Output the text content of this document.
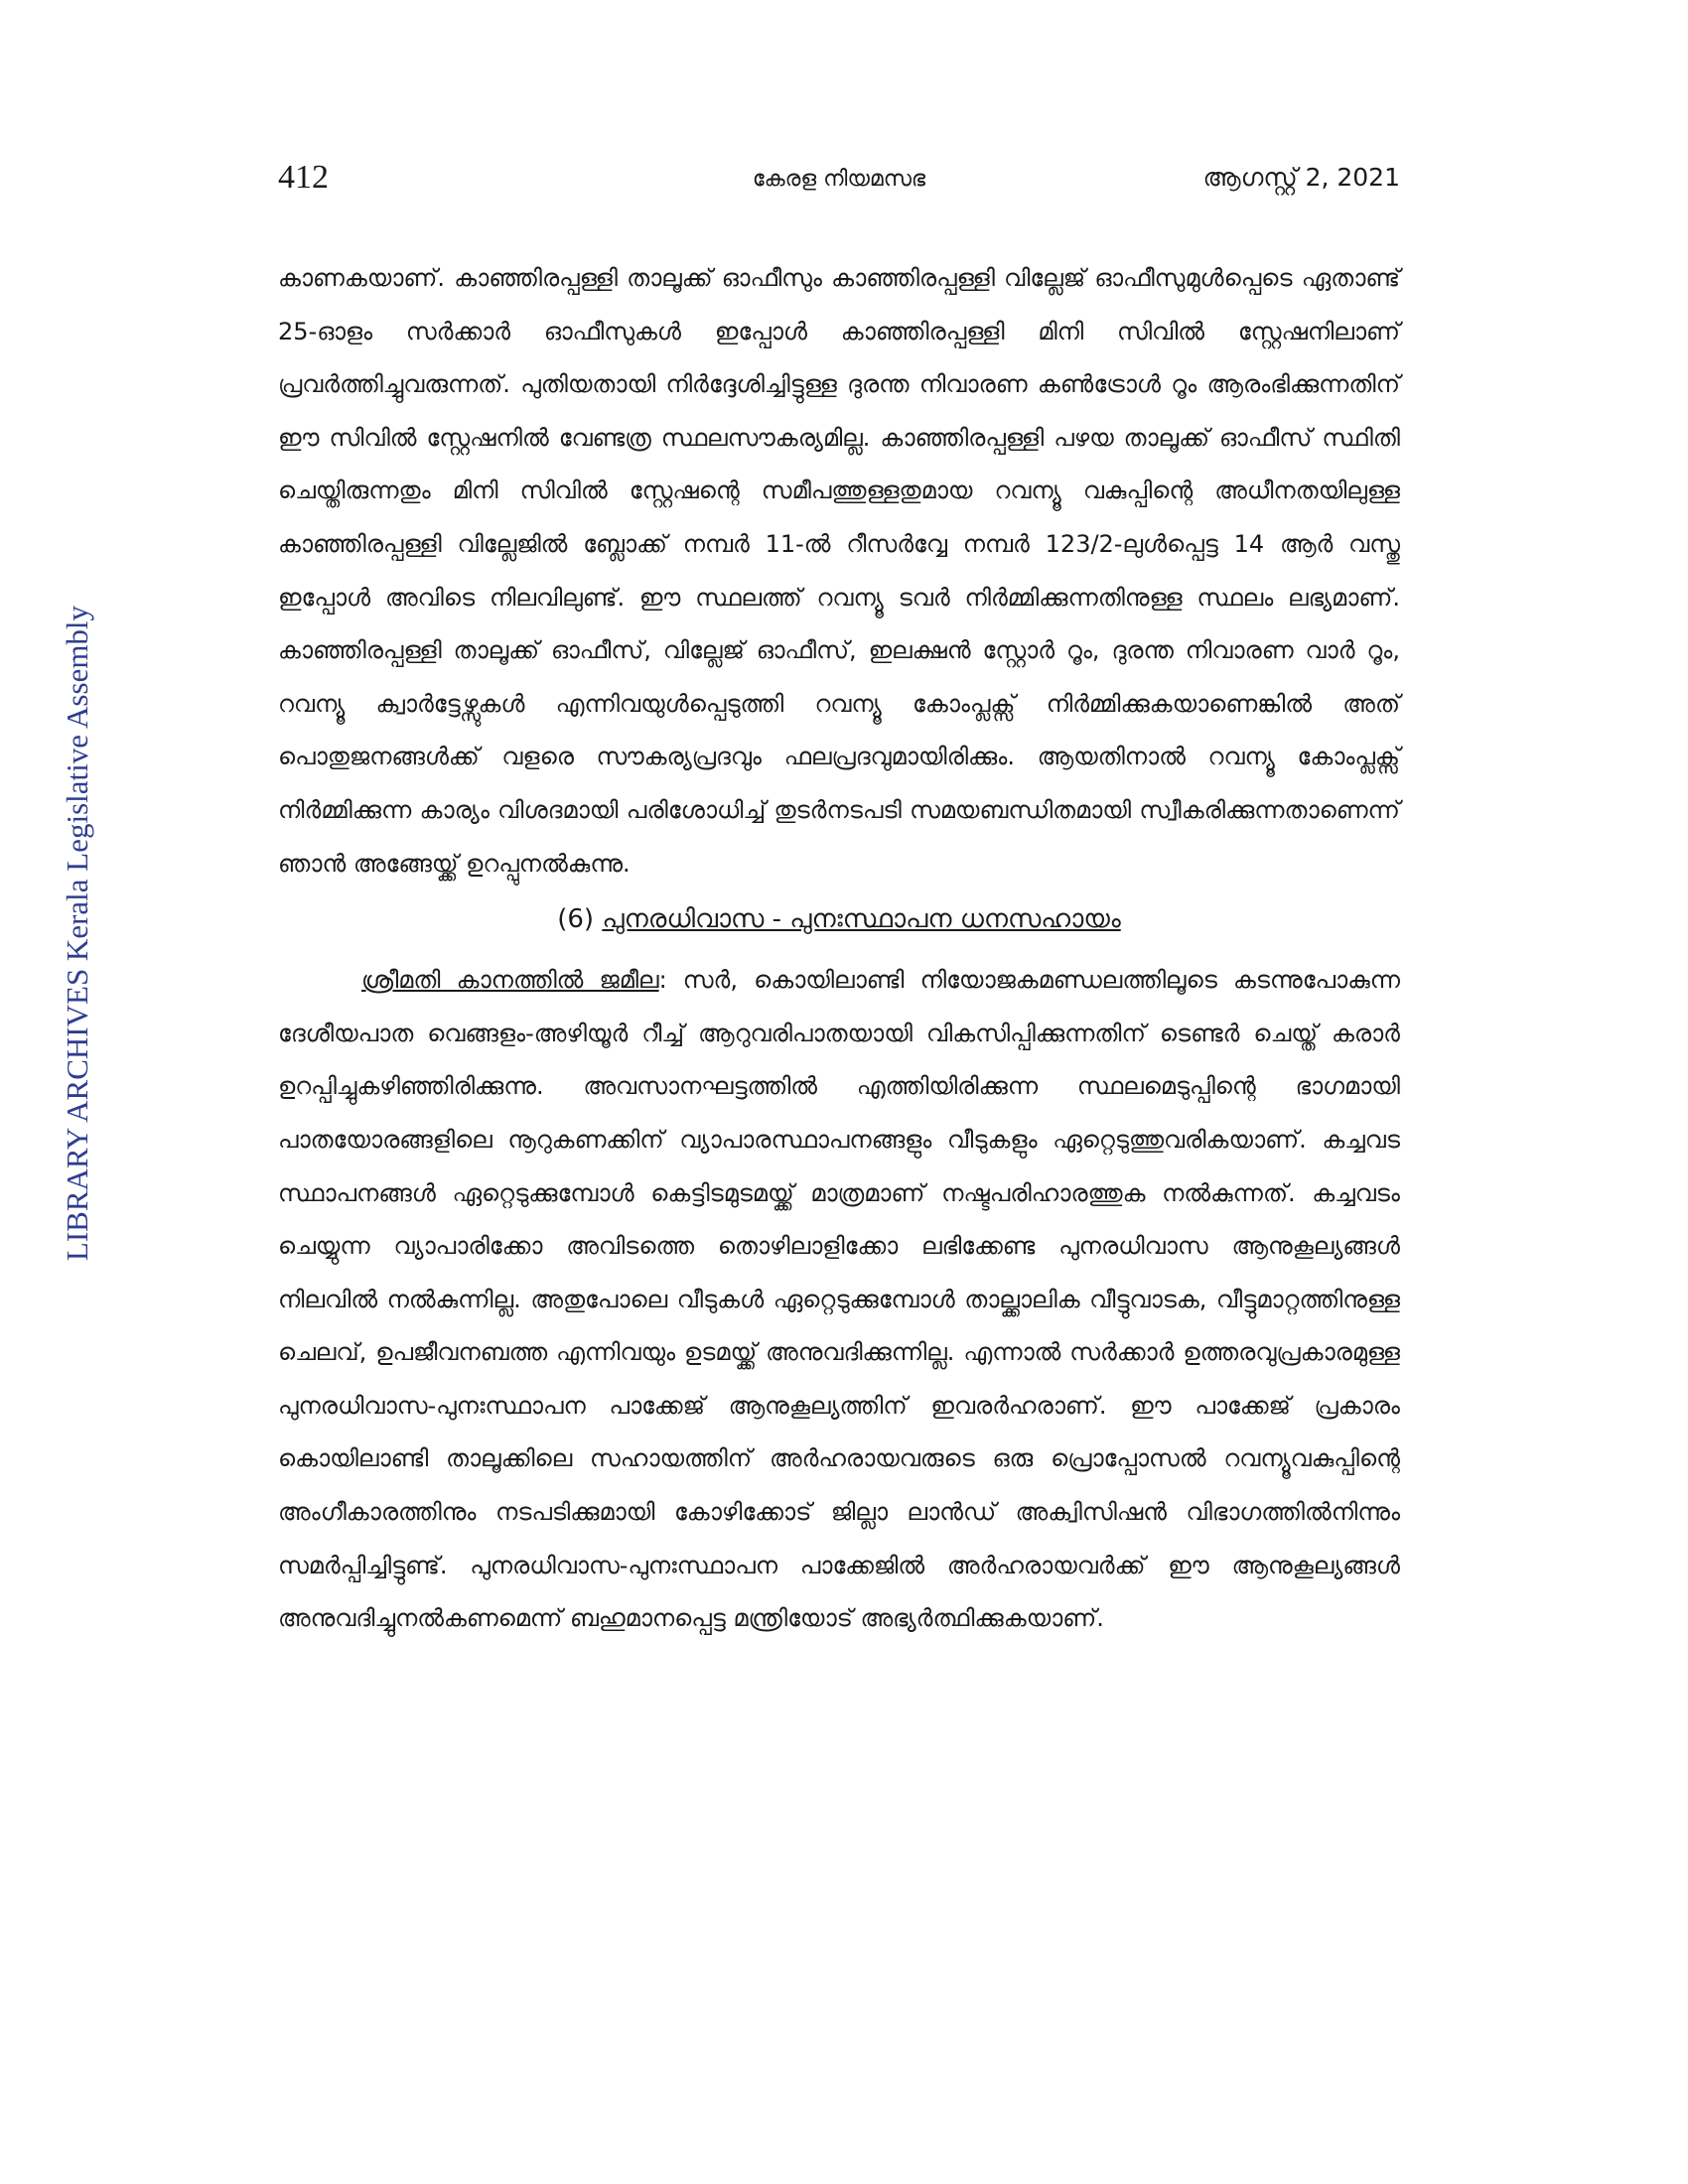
412	കേരള നിയമസഭ	ആഗസ്റ്റ് 2, 2021
LIBRARY ARCHIVES Kerala Legislative Assembly

കാണകയാണ്. കാഞ്ഞിരപ്പള്ളി താലൂക്ക് ഓഫീസും കാഞ്ഞിരപ്പള്ളി വില്ലേജ് ഓഫീസുമുൾപ്പെടെ ഏതാണ്ട് 25-ഓളം സർക്കാർ ഓഫീസുകൾ ഇപ്പോൾ കാഞ്ഞിരപ്പള്ളി മിനി സിവിൽ സ്റ്റേഷനിലാണ് പ്രവർത്തിച്ചുവരുന്നത്. പുതിയതായി നിർദ്ദേശിച്ചിട്ടുള്ള ദുരന്ത നിവാരണ കൺട്രോൾ റൂം ആരംഭിക്കുന്നതിന് ഈ സിവിൽ സ്റ്റേഷനിൽ വേണ്ടത്ര സ്ഥലസൗകര്യമില്ല. കാഞ്ഞിരപ്പള്ളി പഴയ താലൂക്ക് ഓഫീസ് സ്ഥിതി ചെയ്തിരുന്നതും മിനി സിവിൽ സ്റ്റേഷന്റെ സമീപത്തുള്ളതുമായ റവന്യൂ വകുപ്പിന്റെ അധീനതയിലുള്ള കാഞ്ഞിരപ്പള്ളി വില്ലേജിൽ ബ്ലോക്ക് നമ്പർ 11-ൽ റീസർവ്വേ നമ്പർ 123/2-ലുൾപ്പെട്ട 14 ആർ വസ്തു ഇപ്പോൾ അവിടെ നിലവിലുണ്ട്. ഈ സ്ഥലത്ത് റവന്യൂ ടവർ നിർമ്മിക്കുന്നതിനുള്ള സ്ഥലം ലഭ്യമാണ്. കാഞ്ഞിരപ്പള്ളി താലൂക്ക് ഓഫീസ്, വില്ലേജ് ഓഫീസ്, ഇലക്ഷൻ സ്റ്റോർ റൂം, ദുരന്ത നിവാരണ വാർ റൂം, റവന്യൂ ക്വാർട്ടേഴ്സുകൾ എന്നിവയുൾപ്പെടുത്തി റവന്യൂ കോംപ്ലക്സ് നിർമ്മിക്കുകയാണെങ്കിൽ അത് പൊതുജനങ്ങൾക്ക് വളരെ സൗകര്യപ്രദവും ഫലപ്രദവുമായിരിക്കും. ആയതിനാൽ റവന്യൂ കോംപ്ലക്സ് നിർമ്മിക്കുന്ന കാര്യം വിശദമായി പരിശോധിച്ച് തുടർനടപടി സമയബന്ധിതമായി സ്വീകരിക്കുന്നതാണെന്ന് ഞാൻ അങ്ങേയ്ക്ക് ഉറപ്പുനൽകുന്നു.

(6) പുനരധിവാസ - പുനഃസ്ഥാപന ധനസഹായം

ശ്രീമതി കാനത്തിൽ ജമീല: സർ, കൊയിലാണ്ടി നിയോജകമണ്ഡലത്തിലൂടെ കടന്നുപോകുന്ന ദേശീയപാത വെങ്ങളം-അഴിയൂർ റീച്ച് ആറുവരിപാതയായി വികസിപ്പിക്കുന്നതിന് ടെണ്ടർ ചെയ്ത് കരാർ ഉറപ്പിച്ചുകഴിഞ്ഞിരിക്കുന്നു. അവസാനഘട്ടത്തിൽ എത്തിയിരിക്കുന്ന സ്ഥലമെടുപ്പിന്റെ ഭാഗമായി പാതയോരങ്ങളിലെ നൂറുകണക്കിന് വ്യാപാരസ്ഥാപനങ്ങളും വീടുകളും ഏറ്റെടുത്തുവരികയാണ്. കച്ചവട സ്ഥാപനങ്ങൾ ഏറ്റെടുക്കുമ്പോൾ കെട്ടിടമുടമയ്ക്ക് മാത്രമാണ് നഷ്ടപരിഹാരത്തുക നൽകുന്നത്. കച്ചവടം ചെയ്യുന്ന വ്യാപാരിക്കോ അവിടത്തെ തൊഴിലാളിക്കോ ലഭിക്കേണ്ട പുനരധിവാസ ആനുകൂല്യങ്ങൾ നിലവിൽ നൽകുന്നില്ല. അതുപോലെ വീടുകൾ ഏറ്റെടുക്കുമ്പോൾ താല്ക്കാലിക വീട്ടുവാടക, വീട്ടുമാറ്റത്തിനുള്ള ചെലവ്, ഉപജീവനബത്ത എന്നിവയും ഉടമയ്ക്ക് അനുവദിക്കുന്നില്ല. എന്നാൽ സർക്കാർ ഉത്തരവുപ്രകാരമുള്ള പുനരധിവാസ-പുനഃസ്ഥാപന പാക്കേജ് ആനുകൂല്യത്തിന് ഇവരർഹരാണ്. ഈ പാക്കേജ് പ്രകാരം കൊയിലാണ്ടി താലൂക്കിലെ സഹായത്തിന് അർഹരായവരുടെ ഒരു പ്രൊപ്പോസൽ റവന്യൂവകുപ്പിന്റെ അംഗീകാരത്തിനും നടപടിക്കുമായി കോഴിക്കോട് ജില്ലാ ലാൻഡ് അക്വിസിഷൻ വിഭാഗത്തിൽനിന്നും സമർപ്പിച്ചിട്ടുണ്ട്. പുനരധിവാസ-പുനഃസ്ഥാപന പാക്കേജിൽ അർഹരായവർക്ക് ഈ ആനുകൂല്യങ്ങൾ അനുവദിച്ചുനൽകണമെന്ന് ബഹുമാനപ്പെട്ട മന്ത്രിയോട് അഭ്യർത്ഥിക്കുകയാണ്.
